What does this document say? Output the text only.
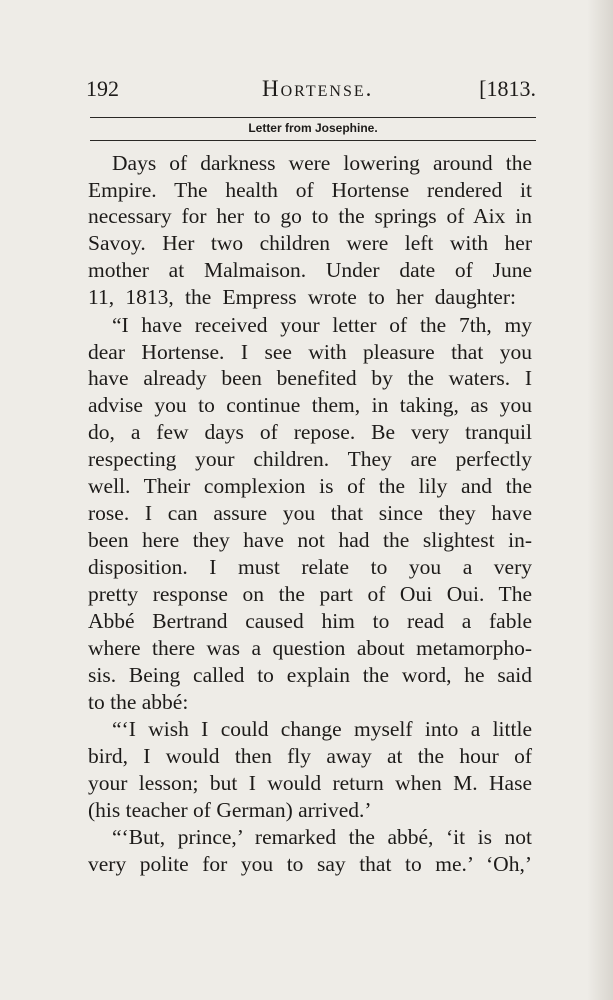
192	Hortense.	[1813.
Letter from Josephine.
Days of darkness were lowering around the
Empire. The health of Hortense rendered it
necessary for her to go to the springs of Aix in
Savoy. Her two children were left with her
mother at Malmaison. Under date of June
11, 1813, the Empress wrote to her daughter:
“I have received your letter of the 7th, my
dear Hortense. I see with pleasure that you
have already been benefited by the waters. I
advise you to continue them, in taking, as you
do, a few days of repose. Be very tranquil
respecting your children. They are perfectly
well. Their complexion is of the lily and the
rose. I can assure you that since they have
been here they have not had the slightest in-
disposition. I must relate to you a very
pretty response on the part of Oui Oui. The
Abbé Bertrand caused him to read a fable
where there was a question about metamorpho-
sis. Being called to explain the word, he said
to the abbé:
“‘I wish I could change myself into a little
bird, I would then fly away at the hour of
your lesson; but I would return when M. Hase
(his teacher of German) arrived.’
“‘But, prince,’ remarked the abbé, ‘it is not
very polite for you to say that to me.’ ‘Oh,’
